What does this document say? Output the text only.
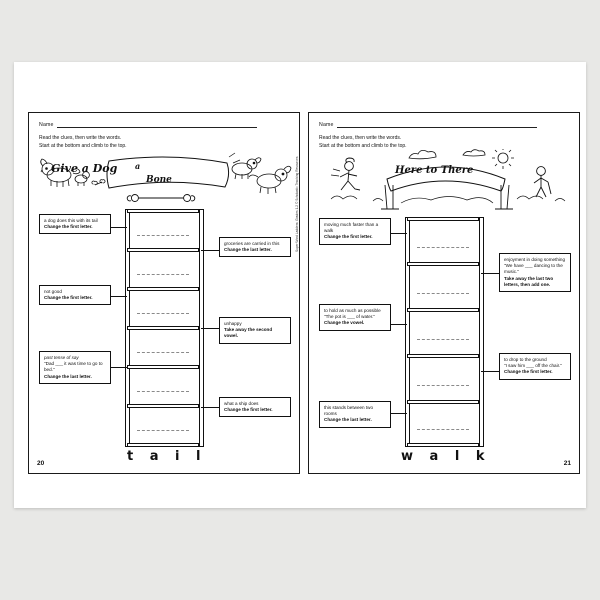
Name
Read the clues, then write the words.
Start at the bottom and climb to the top.
Give a Dog a
Bone
a dog does this with its tail
Change the first letter.
groceries are carried in this
Change the last letter.
not good
Change the first letter.
unhappy
Take away the second vowel.
past tense of say
"Dad ___ it was time to go to bed."
Change the last letter.
what a ship does
Change the first letter.
t a i l
20
Name
Read the clues, then write the words.
Start at the bottom and climb to the top.
Here to There
moving much faster than a walk
Change the first letter.
enjoyment in doing something
"We have ___ dancing to the music."
Take away the last two letters, then add one.
to hold as much as possible
"The pot is ___ of water."
Change the vowel.
to drop to the ground
"I saw him ___ off the chair."
Change the first letter.
this stands between two rooms
Change the last letter.
w a l k	21
Super Word Ladders: Grades 1-2 © Scholastic Teaching Resources
